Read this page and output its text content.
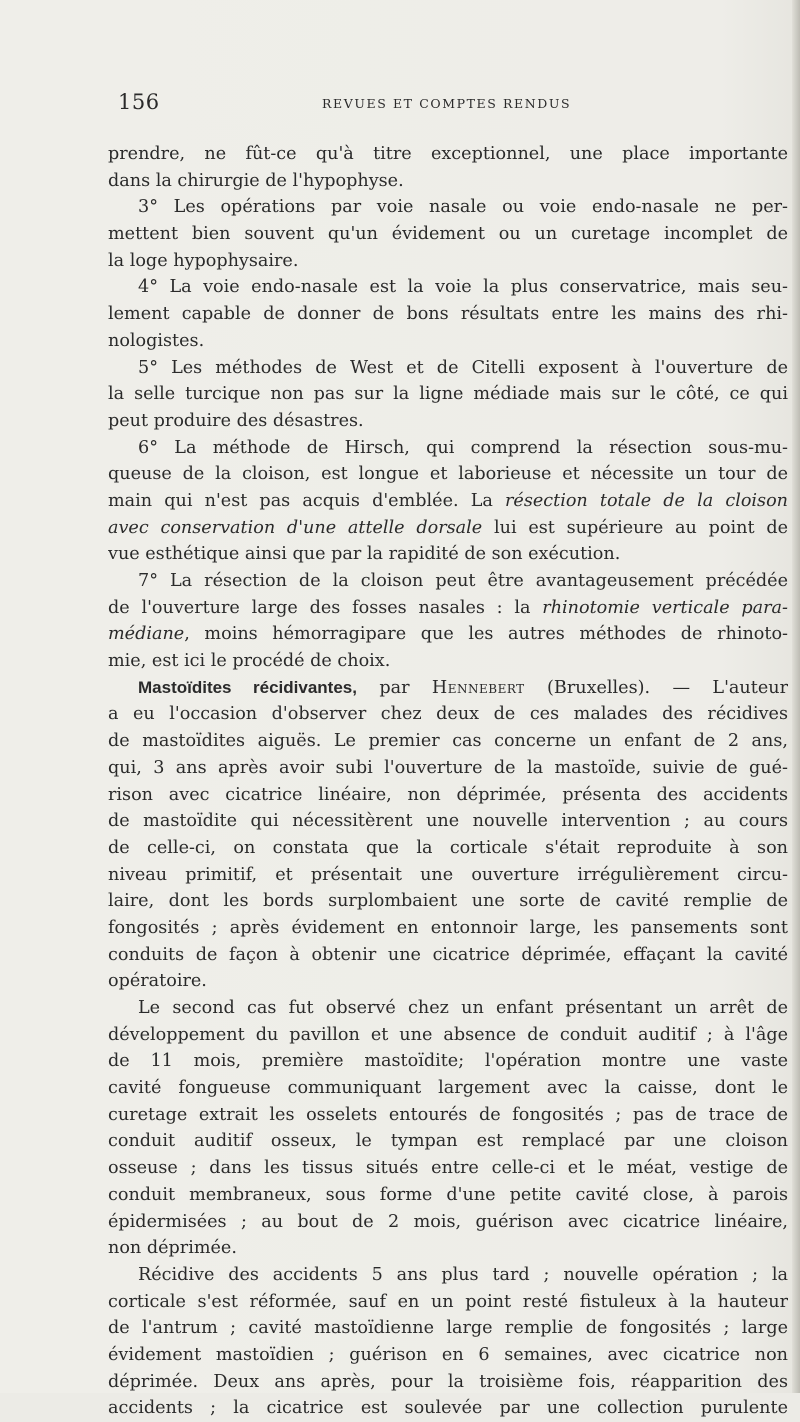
156	REVUES ET COMPTES RENDUS
prendre, ne fût-ce qu'à titre exceptionnel, une place importante
dans la chirurgie de l'hypophyse.
3° Les opérations par voie nasale ou voie endo-nasale ne per-
mettent bien souvent qu'un évidement ou un curetage incomplet de
la loge hypophysaire.
4° La voie endo-nasale est la voie la plus conservatrice, mais seu-
lement capable de donner de bons résultats entre les mains des rhi-
nologistes.
5° Les méthodes de West et de Citelli exposent à l'ouverture de
la selle turcique non pas sur la ligne médiade mais sur le côté, ce qui
peut produire des désastres.
6° La méthode de Hirsch, qui comprend la résection sous-mu-
queuse de la cloison, est longue et laborieuse et nécessite un tour de
main qui n'est pas acquis d'emblée. La résection totale de la cloison
avec conservation d'une attelle dorsale lui est supérieure au point de
vue esthétique ainsi que par la rapidité de son exécution.
7° La résection de la cloison peut être avantageusement précédée
de l'ouverture large des fosses nasales : la rhinotomie verticale para-
médiane, moins hémorragipare que les autres méthodes de rhinoto-
mie, est ici le procédé de choix.
Mastoïdites récidivantes, par Hennebert (Bruxelles). — L'auteur
a eu l'occasion d'observer chez deux de ces malades des récidives
de mastoïdites aiguës. Le premier cas concerne un enfant de 2 ans,
qui, 3 ans après avoir subi l'ouverture de la mastoïde, suivie de gué-
rison avec cicatrice linéaire, non déprimée, présenta des accidents
de mastoïdite qui nécessitèrent une nouvelle intervention ; au cours
de celle-ci, on constata que la corticale s'était reproduite à son
niveau primitif, et présentait une ouverture irrégulièrement circu-
laire, dont les bords surplombaient une sorte de cavité remplie de
fongosités ; après évidement en entonnoir large, les pansements sont
conduits de façon à obtenir une cicatrice déprimée, effaçant la cavité
opératoire.
Le second cas fut observé chez un enfant présentant un arrêt de
développement du pavillon et une absence de conduit auditif ; à l'âge
de 11 mois, première mastoïdite; l'opération montre une vaste
cavité fongueuse communiquant largement avec la caisse, dont le
curetage extrait les osselets entourés de fongosités ; pas de trace de
conduit auditif osseux, le tympan est remplacé par une cloison
osseuse ; dans les tissus situés entre celle-ci et le méat, vestige de
conduit membraneux, sous forme d'une petite cavité close, à parois
épidermisées ; au bout de 2 mois, guérison avec cicatrice linéaire,
non déprimée.
Récidive des accidents 5 ans plus tard ; nouvelle opération ; la
corticale s'est réformée, sauf en un point resté fistuleux à la hauteur
de l'antrum ; cavité mastoïdienne large remplie de fongosités ; large
évidement mastoïdien ; guérison en 6 semaines, avec cicatrice non
déprimée. Deux ans après, pour la troisième fois, réapparition des
accidents ; la cicatrice est soulevée par une collection purulente
